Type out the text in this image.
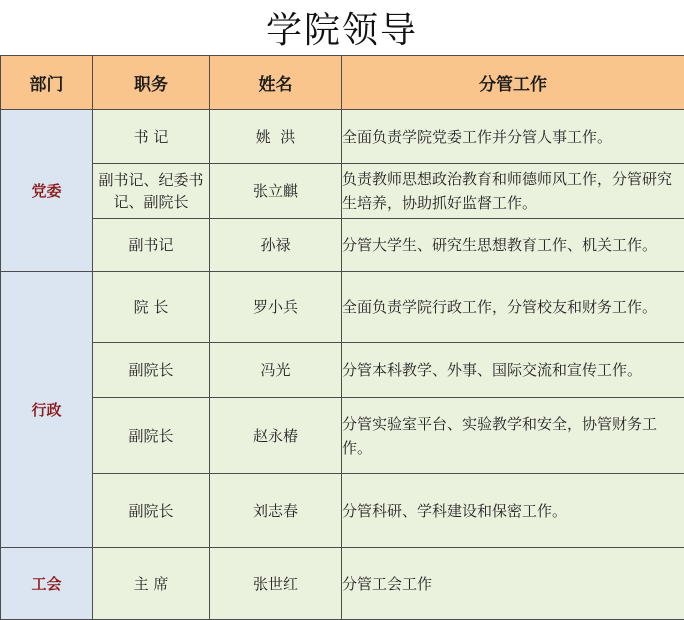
学院领导
部门	职务	姓名	分管工作
党委	书 记	姚  洪	全面负责学院党委工作并分管人事工作。
	副书记、纪委书记、副院长	张立麒	负责教师思想政治教育和师德师风工作，分管研究生培养，协助抓好监督工作。
	副书记	孙禄	分管大学生、研究生思想教育工作、机关工作。
行政	院 长	罗小兵	全面负责学院行政工作，分管校友和财务工作。
	副院长	冯光	分管本科教学、外事、国际交流和宣传工作。
	副院长	赵永椿	分管实验室平台、实验教学和安全，协管财务工作。
	副院长	刘志春	分管科研、学科建设和保密工作。
工会	主 席	张世红	分管工会工作
